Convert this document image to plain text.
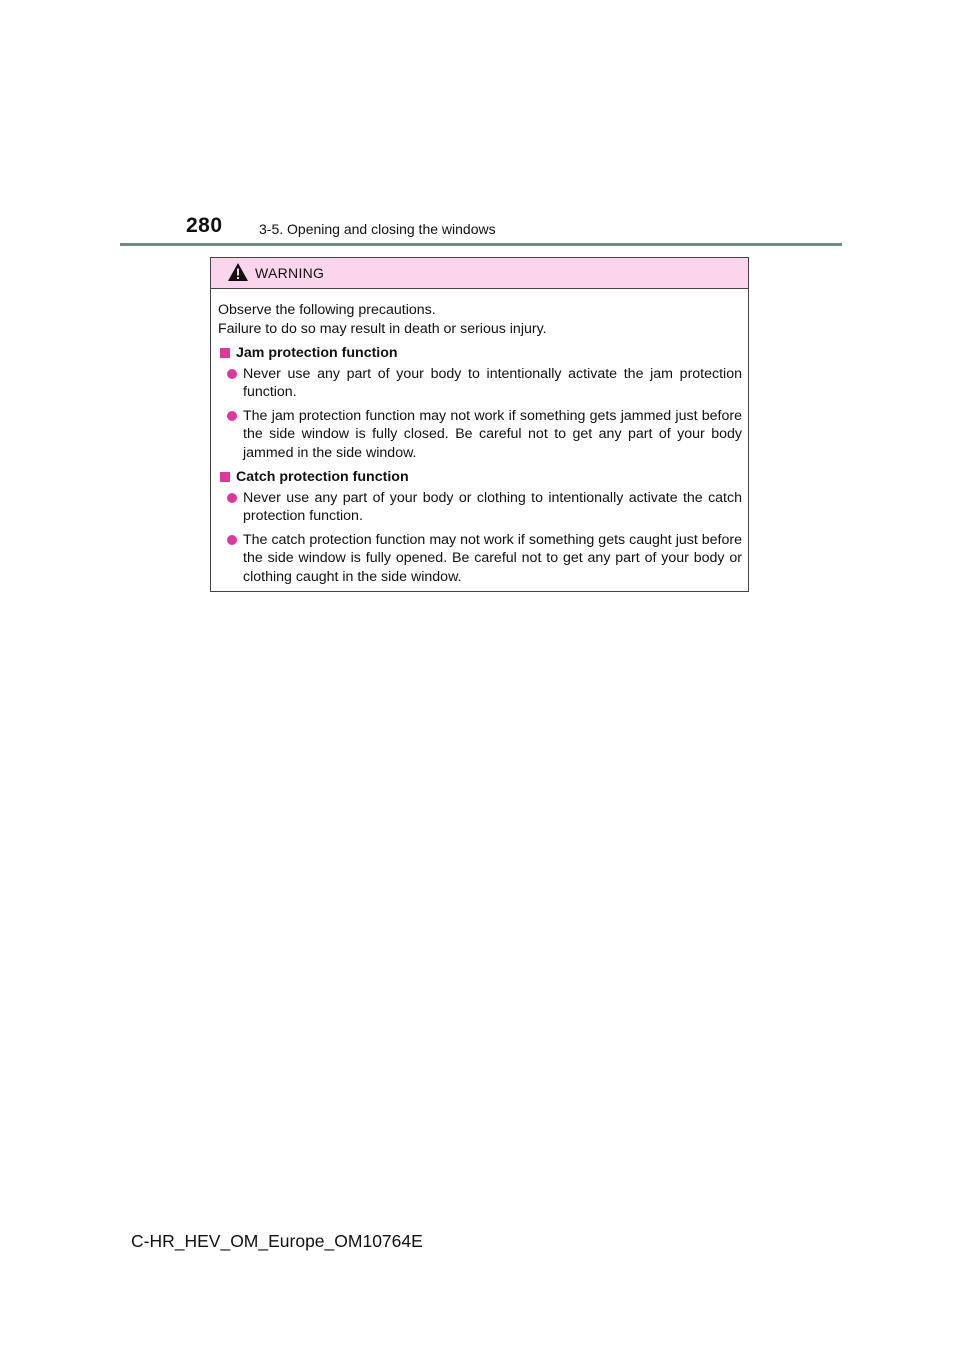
280	3-5. Opening and closing the windows
WARNING

Observe the following precautions.

Failure to do so may result in death or serious injury.

Jam protection function
Never use any part of your body to intentionally activate the jam protection function.
The jam protection function may not work if something gets jammed just before the side window is fully closed. Be careful not to get any part of your body jammed in the side window.
Catch protection function
Never use any part of your body or clothing to intentionally activate the catch protection function.
The catch protection function may not work if something gets caught just before the side window is fully opened. Be careful not to get any part of your body or clothing caught in the side window.
C-HR_HEV_OM_Europe_OM10764E
